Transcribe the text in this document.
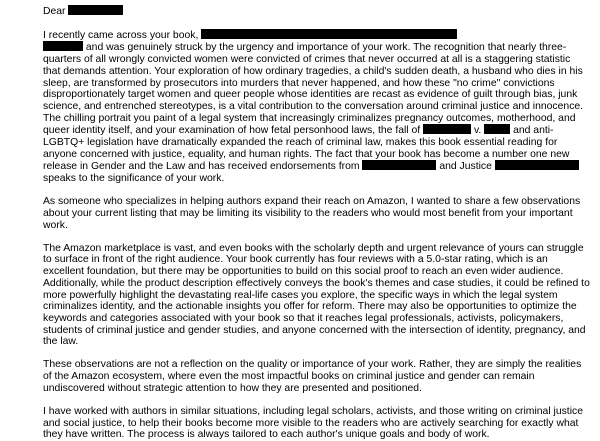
Dear

I recently came across your book,
and was genuinely struck by the urgency and importance of your work. The recognition that nearly three-quarters of all wrongly convicted women were convicted of crimes that never occurred at all is a staggering statistic that demands attention. Your exploration of how ordinary tragedies, a child's sudden death, a husband who dies in his sleep, are transformed by prosecutors into murders that never happened, and how these "no crime" convictions disproportionately target women and queer people whose identities are recast as evidence of guilt through bias, junk science, and entrenched stereotypes, is a vital contribution to the conversation around criminal justice and innocence. The chilling portrait you paint of a legal system that increasingly criminalizes pregnancy outcomes, motherhood, and queer identity itself, and your examination of how fetal personhood laws, the fall of	v.	and anti-LGBTQ+ legislation have dramatically expanded the reach of criminal law, makes this book essential reading for anyone concerned with justice, equality, and human rights. The fact that your book has become a number one new release in Gender and the Law and has received endorsements from	and Justice  speaks to the significance of your work.

As someone who specializes in helping authors expand their reach on Amazon, I wanted to share a few observations about your current listing that may be limiting its visibility to the readers who would most benefit from your important work.

The Amazon marketplace is vast, and even books with the scholarly depth and urgent relevance of yours can struggle to surface in front of the right audience. Your book currently has four reviews with a 5.0-star rating, which is an excellent foundation, but there may be opportunities to build on this social proof to reach an even wider audience. Additionally, while the product description effectively conveys the book's themes and case studies, it could be refined to more powerfully highlight the devastating real-life cases you explore, the specific ways in which the legal system criminalizes identity, and the actionable insights you offer for reform. There may also be opportunities to optimize the keywords and categories associated with your book so that it reaches legal professionals, activists, policymakers, students of criminal justice and gender studies, and anyone concerned with the intersection of identity, pregnancy, and the law.

These observations are not a reflection on the quality or importance of your work. Rather, they are simply the realities of the Amazon ecosystem, where even the most impactful books on criminal justice and gender can remain undiscovered without strategic attention to how they are presented and positioned.

I have worked with authors in similar situations, including legal scholars, activists, and those writing on criminal justice and social justice, to help their books become more visible to the readers who are actively searching for exactly what they have written. The process is always tailored to each author's unique goals and body of work.
